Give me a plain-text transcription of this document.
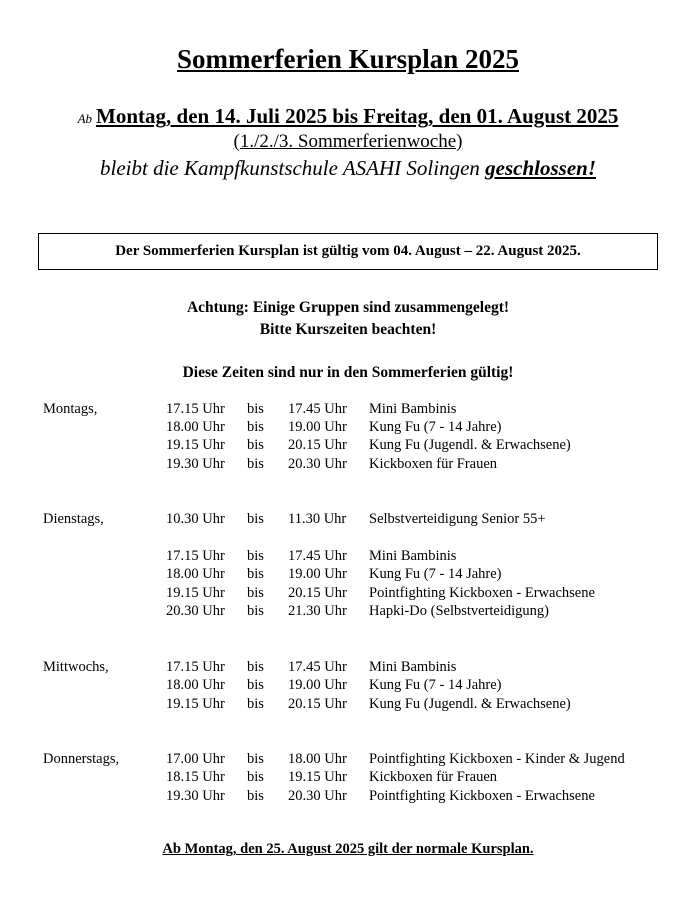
Sommerferien Kursplan 2025
Ab Montag, den 14. Juli 2025 bis Freitag, den 01. August 2025
(1./2./3. Sommerferienwoche)
bleibt die Kampfkunstschule ASAHI Solingen geschlossen!
Der Sommerferien Kursplan ist gültig vom 04. August – 22. August 2025.
Achtung: Einige Gruppen sind zusammengelegt!
Bitte Kurszeiten beachten!
Diese Zeiten sind nur in den Sommerferien gültig!
Montags,	17.15 Uhr bis 17.45 Uhr Mini Bambinis
18.00 Uhr bis 19.00 Uhr Kung Fu (7 - 14 Jahre)
19.15 Uhr bis 20.15 Uhr Kung Fu (Jugendl. & Erwachsene)
19.30 Uhr bis 20.30 Uhr Kickboxen für Frauen
Dienstags,	10.30 Uhr bis 11.30 Uhr Selbstverteidigung Senior 55+
17.15 Uhr bis 17.45 Uhr Mini Bambinis
18.00 Uhr bis 19.00 Uhr Kung Fu (7 - 14 Jahre)
19.15 Uhr bis 20.15 Uhr Pointfighting Kickboxen - Erwachsene
20.30 Uhr bis 21.30 Uhr Hapki-Do (Selbstverteidigung)
Mittwochs,	17.15 Uhr bis 17.45 Uhr Mini Bambinis
18.00 Uhr bis 19.00 Uhr Kung Fu (7 - 14 Jahre)
19.15 Uhr bis 20.15 Uhr Kung Fu (Jugendl. & Erwachsene)
Donnerstags,	17.00 Uhr bis 18.00 Uhr Pointfighting Kickboxen - Kinder & Jugend
18.15 Uhr bis 19.15 Uhr Kickboxen für Frauen
19.30 Uhr bis 20.30 Uhr Pointfighting Kickboxen - Erwachsene
Ab Montag, den 25. August 2025 gilt der normale Kursplan.
